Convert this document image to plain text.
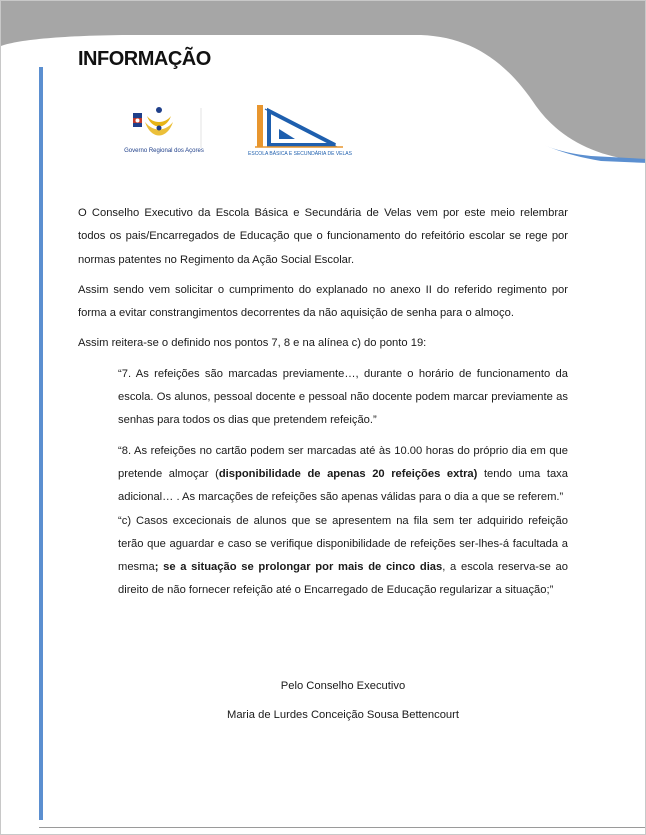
INFORMAÇÃO
Governo Regional dos Açores	ESCOLA BÁSICA E SECUNDÁRIA DE VELAS

O Conselho Executivo da Escola Básica e Secundária de Velas vem por este meio relembrar todos os pais/Encarregados de Educação que o funcionamento do refeitório escolar se rege por normas patentes no Regimento da Ação Social Escolar.

Assim sendo vem solicitar o cumprimento do explanado no anexo II do referido regimento por forma a evitar constrangimentos decorrentes da não aquisição de senha para o almoço.

Assim reitera-se o definido nos pontos 7, 8 e na alínea c) do ponto 19:

“7. As refeições são marcadas previamente…, durante o horário de funcionamento da escola. Os alunos, pessoal docente e pessoal não docente podem marcar previamente as senhas para todos os dias que pretendem refeição.”

“8. As refeições no cartão podem ser marcadas até às 10.00 horas do próprio dia em que pretende almoçar (disponibilidade de apenas 20 refeições extra) tendo uma taxa adicional… . As marcações de refeições são apenas válidas para o dia a que se referem.”

“c) Casos excecionais de alunos que se apresentem na fila sem ter adquirido refeição terão que aguardar e caso se verifique disponibilidade de refeições ser-lhes-á facultada a mesma; se a situação se prolongar por mais de cinco dias, a escola reserva-se ao direito de não fornecer refeição até o Encarregado de Educação regularizar a situação;”

Pelo Conselho Executivo

Maria de Lurdes Conceição Sousa Bettencourt
